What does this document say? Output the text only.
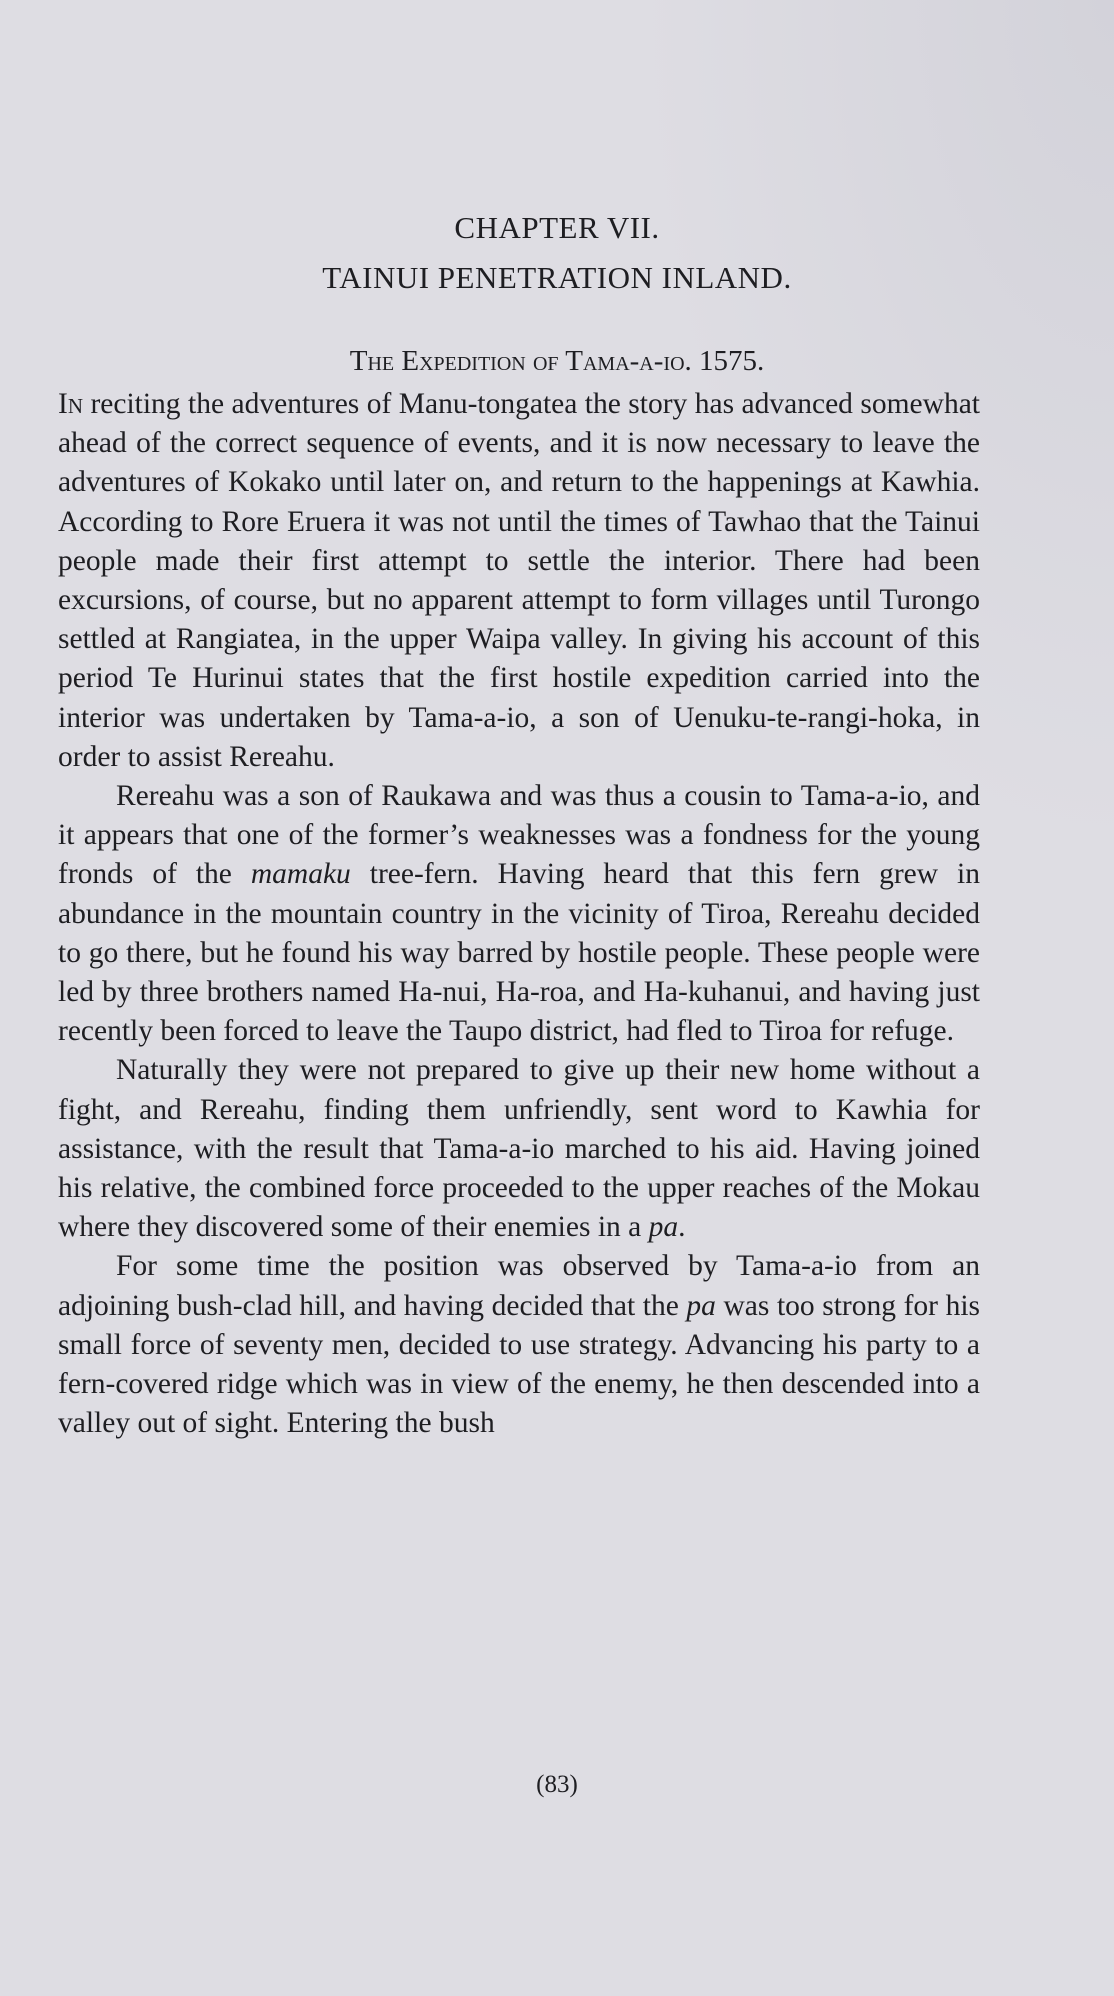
CHAPTER VII.
TAINUI PENETRATION INLAND.
The Expedition of Tama-a-io. 1575.

In reciting the adventures of Manu-tongatea the story has advanced somewhat ahead of the correct sequence of events, and it is now necessary to leave the adventures of Kokako until later on, and return to the happenings at Kawhia. According to Rore Eruera it was not until the times of Tawhao that the Tainui people made their first attempt to settle the interior. There had been excursions, of course, but no apparent attempt to form villages until Turongo settled at Rangiatea, in the upper Waipa valley. In giving his account of this period Te Hurinui states that the first hostile expedition carried into the interior was undertaken by Tama-a-io, a son of Uenuku-te-rangi-hoka, in order to assist Rereahu.

Rereahu was a son of Raukawa and was thus a cousin to Tama-a-io, and it appears that one of the former’s weaknesses was a fondness for the young fronds of the mamaku tree-fern. Having heard that this fern grew in abundance in the mountain country in the vicinity of Tiroa, Rereahu decided to go there, but he found his way barred by hostile people. These people were led by three brothers named Ha-nui, Ha-roa, and Ha-kuhanui, and having just recently been forced to leave the Taupo district, had fled to Tiroa for refuge.

Naturally they were not prepared to give up their new home without a fight, and Rereahu, finding them unfriendly, sent word to Kawhia for assistance, with the result that Tama-a-io marched to his aid. Having joined his relative, the combined force proceeded to the upper reaches of the Mokau where they discovered some of their enemies in a pa.

For some time the position was observed by Tama-a-io from an adjoining bush-clad hill, and having decided that the pa was too strong for his small force of seventy men, decided to use strategy. Advancing his party to a fern-covered ridge which was in view of the enemy, he then descended into a valley out of sight. Entering the bush

(83)
